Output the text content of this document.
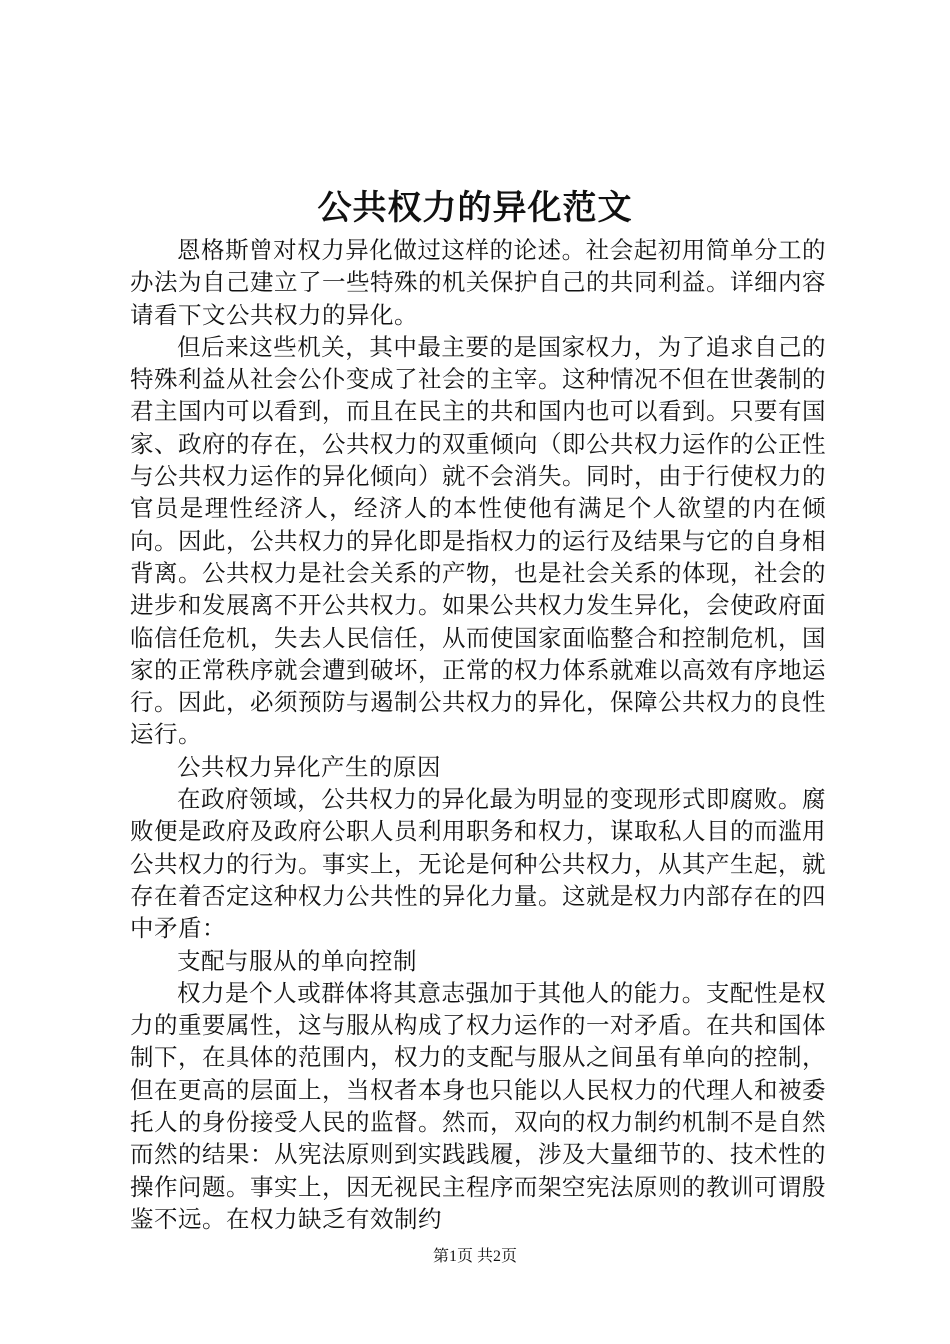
公共权力的异化范文

恩格斯曾对权力异化做过这样的论述。社会起初用简单分工的办法为自己建立了一些特殊的机关保护自己的共同利益。详细内容请看下文公共权力的异化。

但后来这些机关，其中最主要的是国家权力，为了追求自己的特殊利益从社会公仆变成了社会的主宰。这种情况不但在世袭制的君主国内可以看到，而且在民主的共和国内也可以看到。只要有国家、政府的存在，公共权力的双重倾向（即公共权力运作的公正性与公共权力运作的异化倾向）就不会消失。同时，由于行使权力的官员是理性经济人，经济人的本性使他有满足个人欲望的内在倾向。因此，公共权力的异化即是指权力的运行及结果与它的自身相背离。公共权力是社会关系的产物，也是社会关系的体现，社会的进步和发展离不开公共权力。如果公共权力发生异化，会使政府面临信任危机，失去人民信任，从而使国家面临整合和控制危机，国家的正常秩序就会遭到破坏，正常的权力体系就难以高效有序地运行。因此，必须预防与遏制公共权力的异化，保障公共权力的良性运行。

公共权力异化产生的原因

在政府领域，公共权力的异化最为明显的变现形式即腐败。腐败便是政府及政府公职人员利用职务和权力，谋取私人目的而滥用公共权力的行为。事实上，无论是何种公共权力，从其产生起，就存在着否定这种权力公共性的异化力量。这就是权力内部存在的四中矛盾：

支配与服从的单向控制

权力是个人或群体将其意志强加于其他人的能力。支配性是权力的重要属性，这与服从构成了权力运作的一对矛盾。在共和国体制下，在具体的范围内，权力的支配与服从之间虽有单向的控制，但在更高的层面上，当权者本身也只能以人民权力的代理人和被委托人的身份接受人民的监督。然而，双向的权力制约机制不是自然而然的结果：从宪法原则到实践践履，涉及大量细节的、技术性的操作问题。事实上，因无视民主程序而架空宪法原则的教训可谓殷鉴不远。在权力缺乏有效制约

第1页 共2页
